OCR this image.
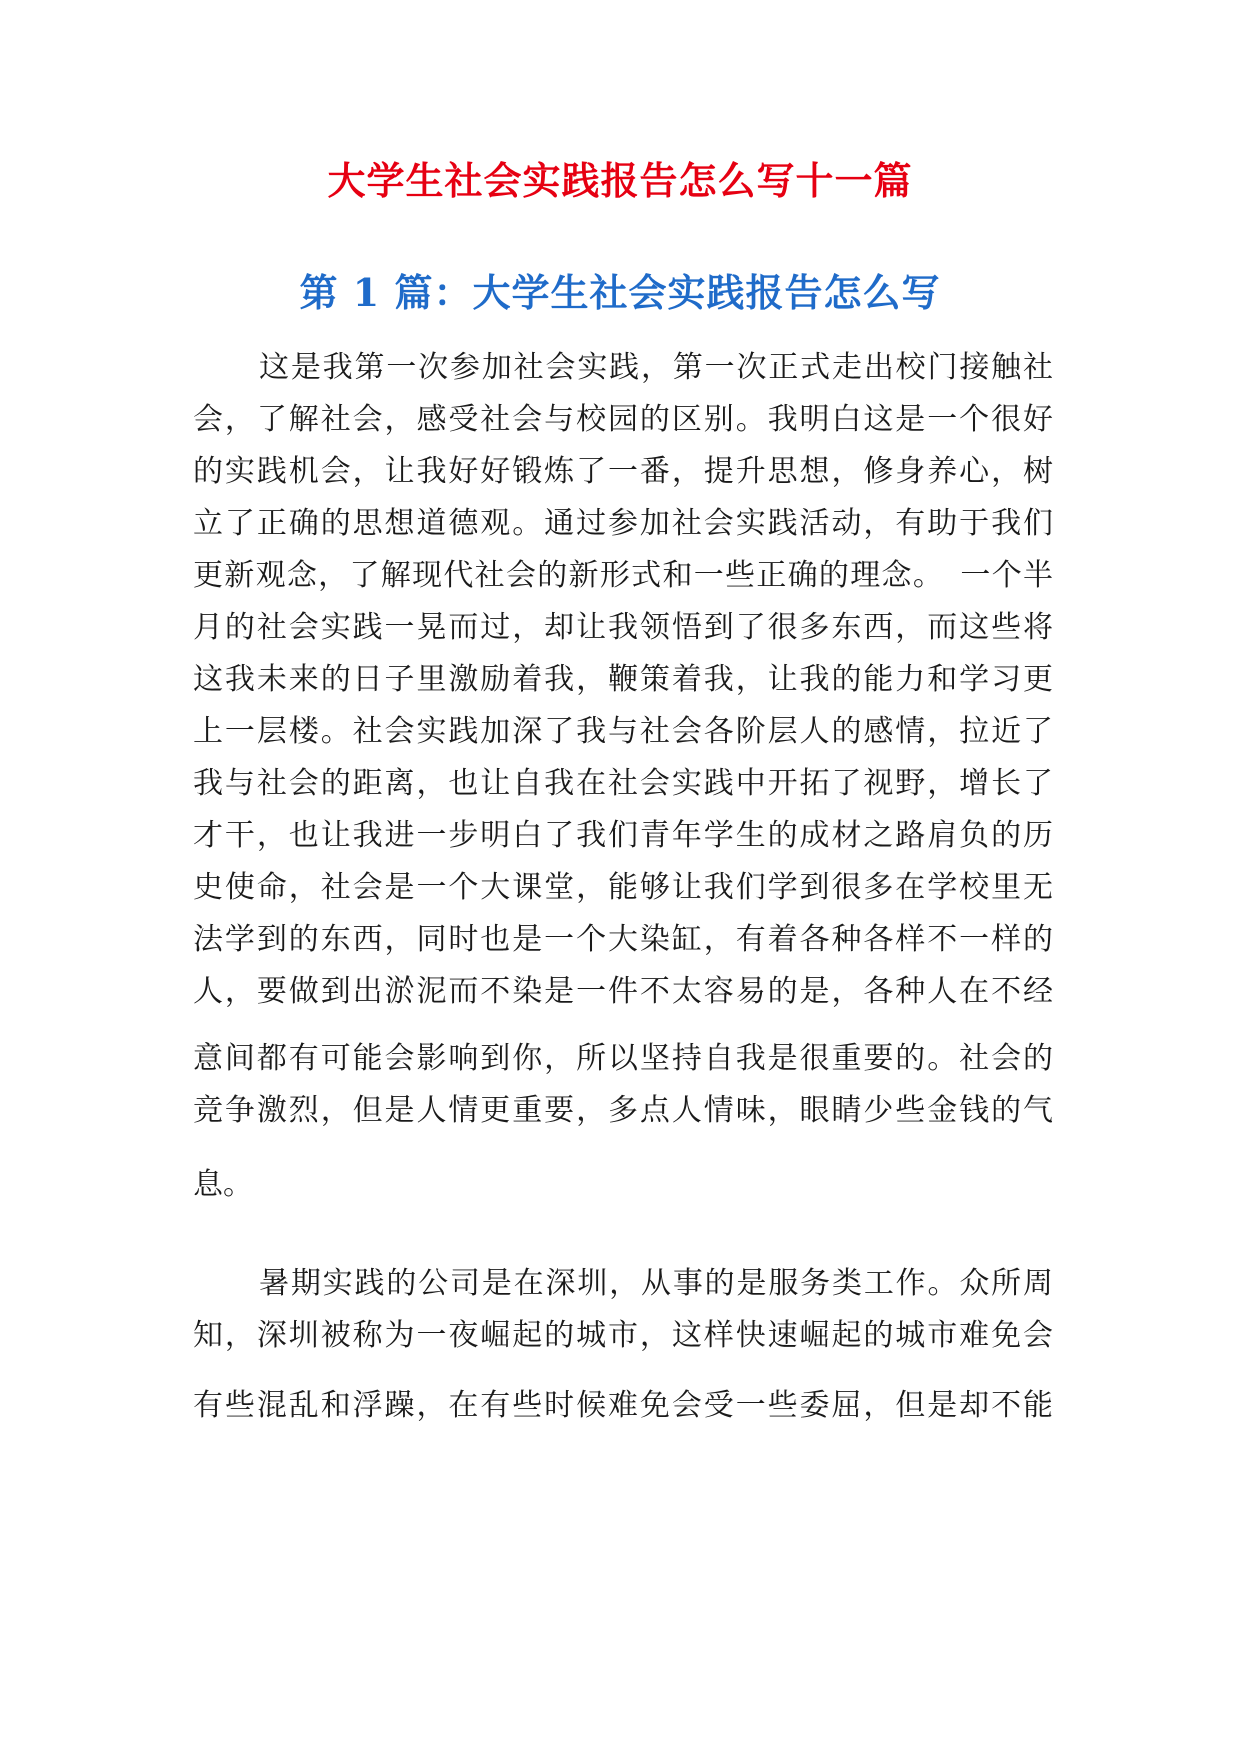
大学生社会实践报告怎么写十一篇
第 1 篇：大学生社会实践报告怎么写
这是我第一次参加社会实践，第一次正式走出校门接触社
会，了解社会，感受社会与校园的区别。我明白这是一个很好
的实践机会，让我好好锻炼了一番，提升思想，修身养心，树
立了正确的思想道德观。通过参加社会实践活动，有助于我们
更新观念，了解现代社会的新形式和一些正确的理念。　一个半
月的社会实践一晃而过，却让我领悟到了很多东西，而这些将
这我未来的日子里激励着我，鞭策着我，让我的能力和学习更
上一层楼。社会实践加深了我与社会各阶层人的感情，拉近了
我与社会的距离，也让自我在社会实践中开拓了视野，增长了
才干，也让我进一步明白了我们青年学生的成材之路肩负的历
史使命，社会是一个大课堂，能够让我们学到很多在学校里无
法学到的东西，同时也是一个大染缸，有着各种各样不一样的
人，要做到出淤泥而不染是一件不太容易的是，各种人在不经
意间都有可能会影响到你，所以坚持自我是很重要的。社会的
竞争激烈，但是人情更重要，多点人情味，眼睛少些金钱的气
息。
暑期实践的公司是在深圳，从事的是服务类工作。众所周
知，深圳被称为一夜崛起的城市，这样快速崛起的城市难免会
有些混乱和浮躁，在有些时候难免会受一些委屈，但是却不能
